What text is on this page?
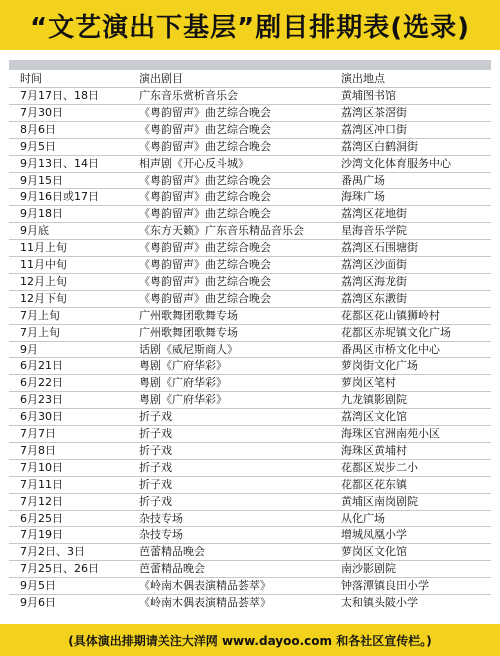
“文艺演出下基层”剧目排期表(选录)
时间	演出剧目	演出地点
7月17日、18日	广东音乐赏析音乐会	黄埔图书馆
7月30日	《粤韵留声》曲艺综合晚会	荔湾区茶滘街
8月6日	《粤韵留声》曲艺综合晚会	荔湾区冲口街
9月5日	《粤韵留声》曲艺综合晚会	荔湾区白鹤洞街
9月13日、14日	相声剧《开心反斗城》	沙湾文化体育服务中心
9月15日	《粤韵留声》曲艺综合晚会	番禺广场
9月16日或17日	《粤韵留声》曲艺综合晚会	海珠广场
9月18日	《粤韵留声》曲艺综合晚会	荔湾区花地街
9月底	《东方天籁》广东音乐精品音乐会	星海音乐学院
11月上旬	《粤韵留声》曲艺综合晚会	荔湾区石围塘街
11月中旬	《粤韵留声》曲艺综合晚会	荔湾区沙面街
12月上旬	《粤韵留声》曲艺综合晚会	荔湾区海龙街
12月下旬	《粤韵留声》曲艺综合晚会	荔湾区东漖街
7月上旬	广州歌舞团歌舞专场	花都区花山镇狮岭村
7月上旬	广州歌舞团歌舞专场	花都区赤坭镇文化广场
9月	话剧《威尼斯商人》	番禺区市桥文化中心
6月21日	粤剧《广府华彩》	萝岗街文化广场
6月22日	粤剧《广府华彩》	萝岗区笔村
6月23日	粤剧《广府华彩》	九龙镇影剧院
6月30日	折子戏	荔湾区文化馆
7月7日	折子戏	海珠区官洲南苑小区
7月8日	折子戏	海珠区黄埔村
7月10日	折子戏	花都区炭步二小
7月11日	折子戏	花都区花东镇
7月12日	折子戏	黄埔区南岗剧院
6月25日	杂技专场	从化广场
7月19日	杂技专场	增城凤凰小学
7月2日、3日	芭蕾精品晚会	萝岗区文化馆
7月25日、26日	芭蕾精品晚会	南沙影剧院
9月5日	《岭南木偶表演精品荟萃》	钟落潭镇良田小学
9月6日	《岭南木偶表演精品荟萃》	太和镇头陂小学
(具体演出排期请关注大洋网 www.dayoo.com 和各社区宣传栏。)
